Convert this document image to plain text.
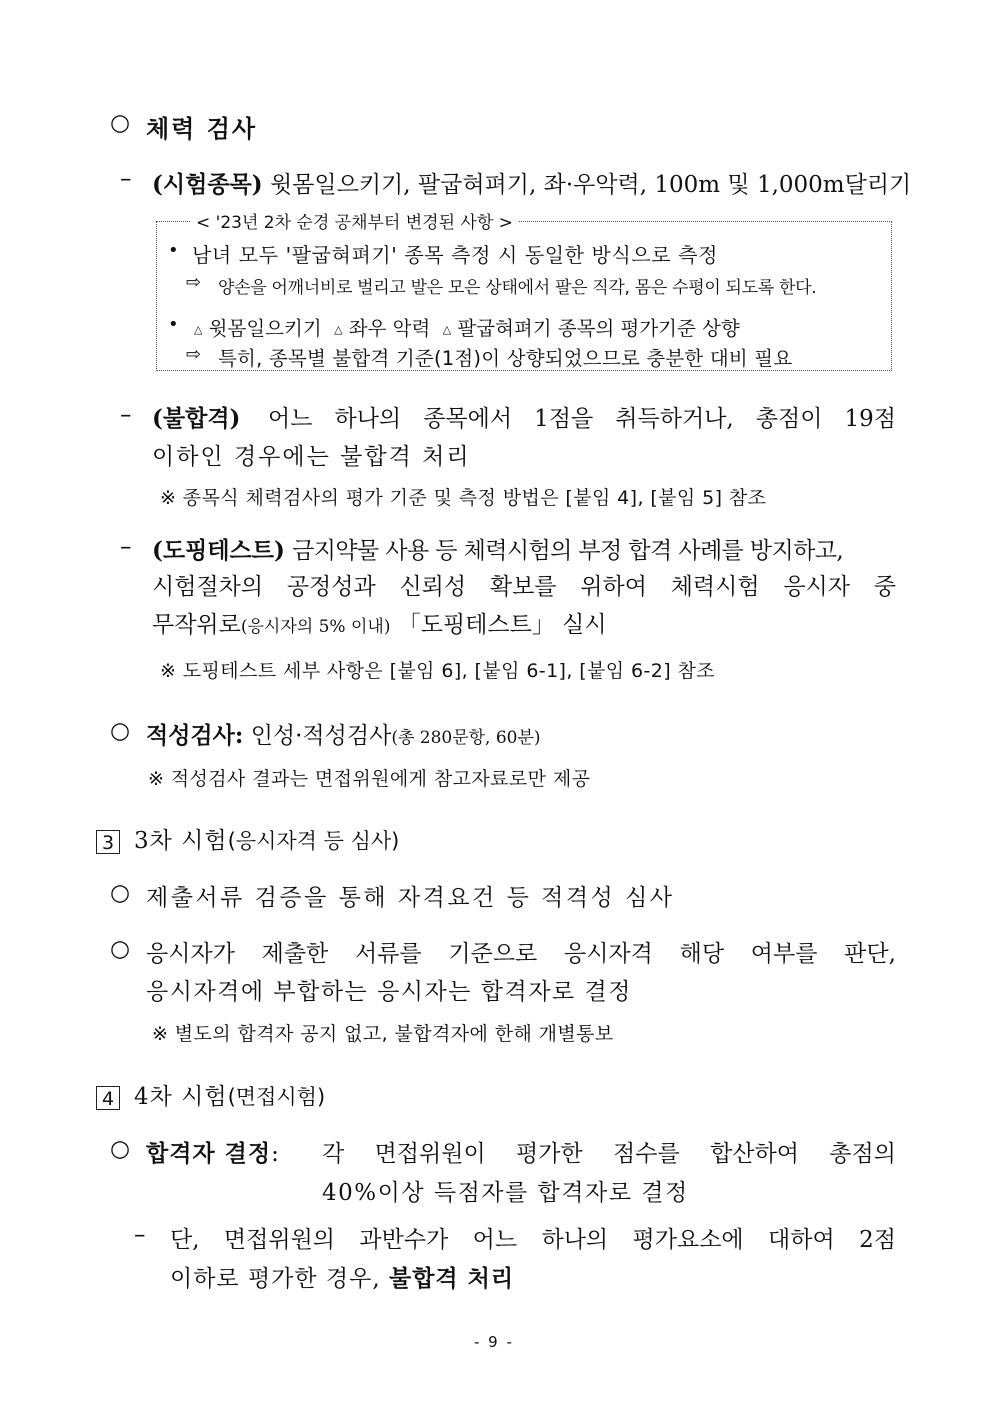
○ 체력 검사
– (시험종목) 윗몸일으키기, 팔굽혀펴기, 좌·우악력, 100m 및 1,000m달리기
< '23년 2차 순경 공채부터 변경된 사항 >
• 남녀 모두 '팔굽혀펴기' 종목 측정 시 동일한 방식으로 측정
⇨ 양손을 어깨너비로 벌리고 발은 모은 상태에서 팔은 직각, 몸은 수평이 되도록 한다.
• △ 윗몸일으키기 △ 좌우 악력 △ 팔굽혀펴기 종목의 평가기준 상향
⇨ 특히, 종목별 불합격 기준(1점)이 상향되었으므로 충분한 대비 필요
– (불합격) 어느 하나의 종목에서 1점을 취득하거나, 총점이 19점
이하인 경우에는 불합격 처리
※ 종목식 체력검사의 평가 기준 및 측정 방법은 [붙임 4], [붙임 5] 참조
– (도핑테스트) 금지약물 사용 등 체력시험의 부정 합격 사례를 방지하고,
시험절차의 공정성과 신뢰성 확보를 위하여 체력시험 응시자 중
무작위로(응시자의 5% 이내) 「도핑테스트」 실시
※ 도핑테스트 세부 사항은 [붙임 6], [붙임 6-1], [붙임 6-2] 참조
○ 적성검사: 인성·적성검사(총 280문항, 60분)
※ 적성검사 결과는 면접위원에게 참고자료로만 제공
3 3차 시험(응시자격 등 심사)
○ 제출서류 검증을 통해 자격요건 등 적격성 심사
○ 응시자가 제출한 서류를 기준으로 응시자격 해당 여부를 판단,
응시자격에 부합하는 응시자는 합격자로 결정
※ 별도의 합격자 공지 없고, 불합격자에 한해 개별통보
4 4차 시험(면접시험)
○ 합격자 결정: 각 면접위원이 평가한 점수를 합산하여 총점의
40%이상 득점자를 합격자로 결정
– 단, 면접위원의 과반수가 어느 하나의 평가요소에 대하여 2점
이하로 평가한 경우, 불합격 처리
- 9 -
